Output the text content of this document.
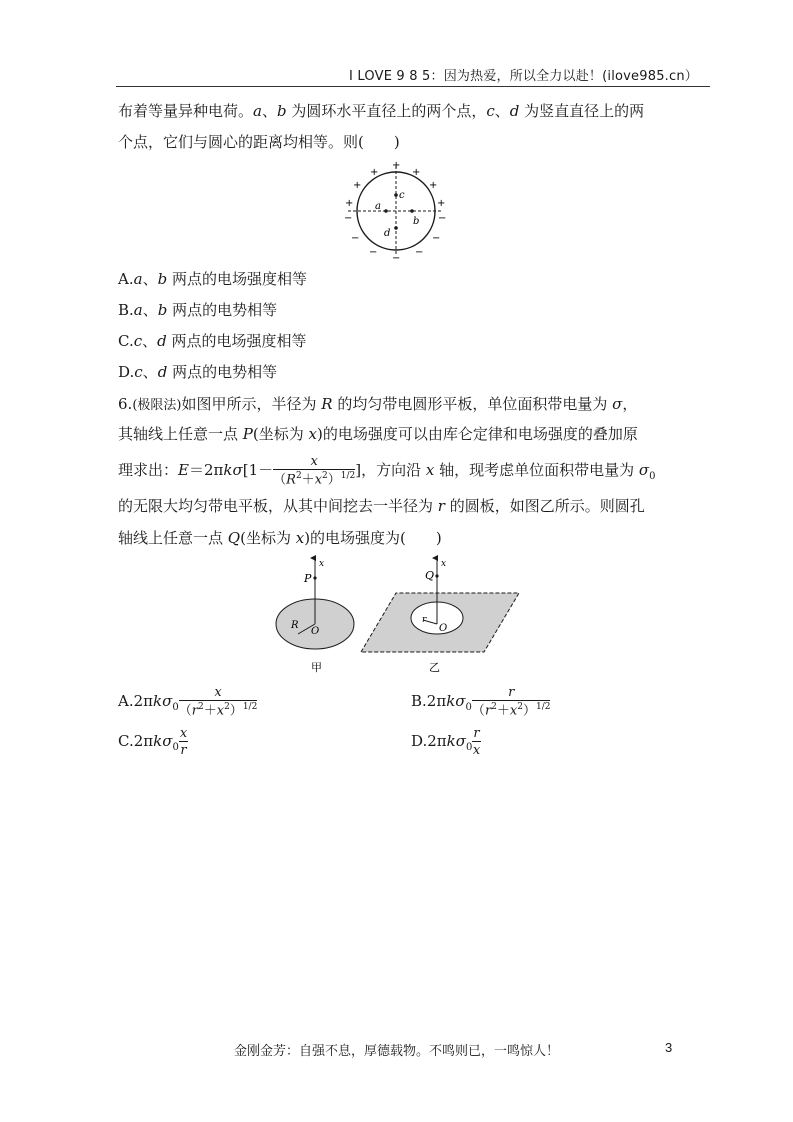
I LOVE 9 8 5：因为热爱，所以全力以赴！(ilove985.cn）
布着等量异种电荷。a、b 为圆环水平直径上的两个点，c、d 为竖直直径上的两
个点，它们与圆心的距离均相等。则(　　)
c
a
b
d
+
+	+
+	+
+	+
−	−
−	−
−	−
−
A.a、b 两点的电场强度相等
B.a、b 两点的电势相等
C.c、d 两点的电场强度相等
D.c、d 两点的电势相等
6.(极限法)如图甲所示，半径为 R 的均匀带电圆形平板，单位面积带电量为 σ，
其轴线上任意一点 P(坐标为 x)的电场强度可以由库仑定律和电场强度的叠加原
理求出：$E=2\pi k\sigma[1- \frac{x}{(R^2+x^2)^{1/2}}$ ]，方向沿 x 轴，现考虑单位面积带电量为 $\sigma_0$
的无限大均匀带电平板，从其中间挖去一半径为 r 的圆板，如图乙所示。则圆孔
轴线上任意一点 Q(坐标为 x)的电场强度为(　　)
x
P
R
O
甲
x
Q
r
O
乙
$A.2\pi k\sigma_0 \frac{x}{(r^2+x^2)^{1/2}}$	$B.2\pi k\sigma_0 \frac{r}{(r^2+x^2)^{1/2}}$
$C.2\pi k\sigma_0 \frac{x}{r}$	$D.2\pi k\sigma_0 \frac{r}{x}$
金刚金芳：自强不息，厚德载物。不鸣则已，一鸣惊人！	3
